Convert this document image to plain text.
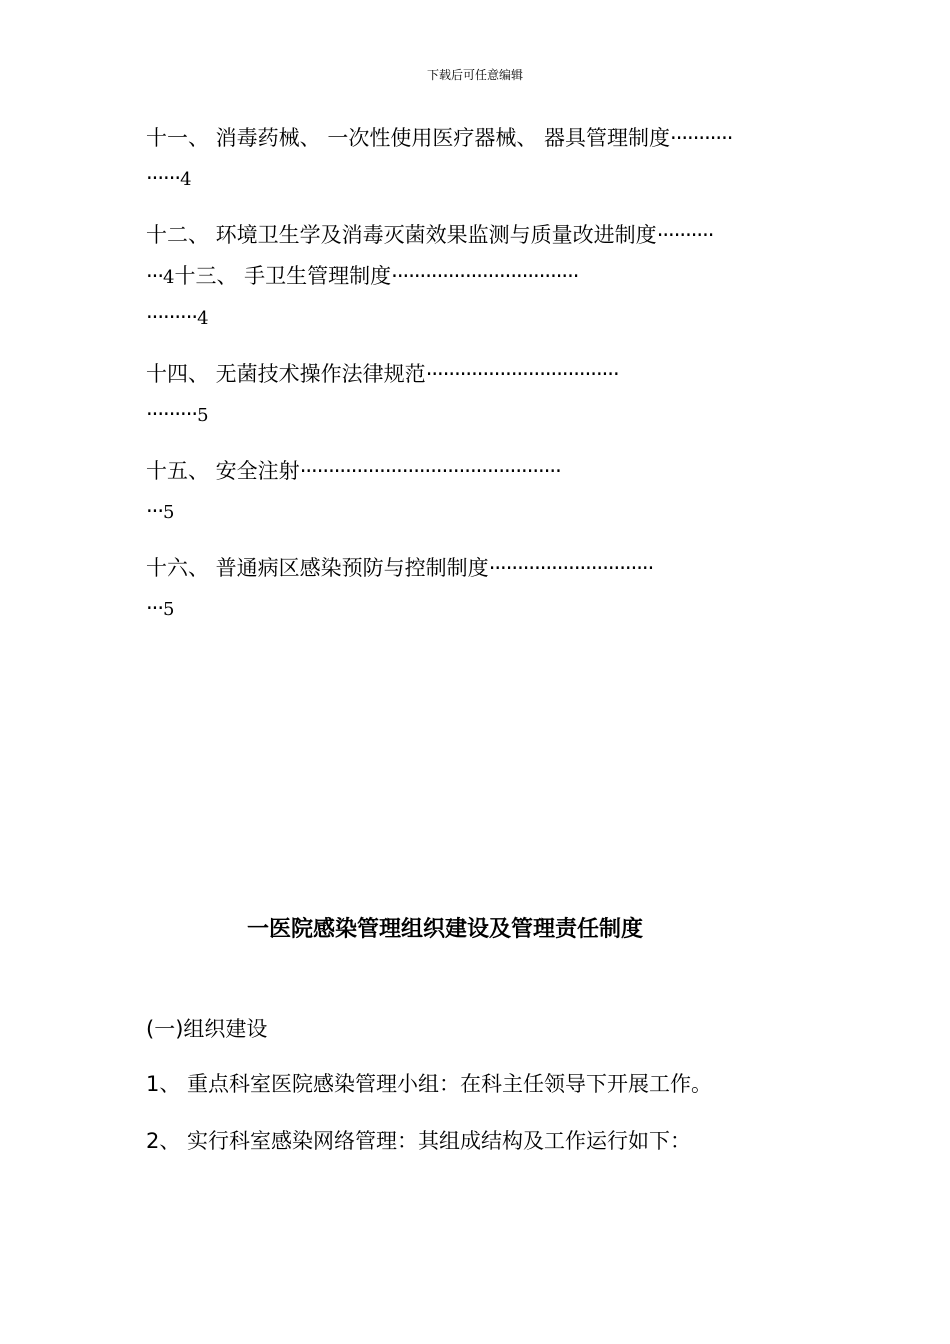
下载后可任意编辑
十一、 消毒药械、 一次性使用医疗器械、 器具管理制度···········
······4
十二、 环境卫生学及消毒灭菌效果监测与质量改进制度··········
···4十三、 手卫生管理制度·································
·········4
十四、 无菌技术操作法律规范··································
·········5
十五、 安全注射··············································
···5
十六、 普通病区感染预防与控制制度·····························
···5
一医院感染管理组织建设及管理责任制度
(一)组织建设
1、 重点科室医院感染管理小组：在科主任领导下开展工作。
2、 实行科室感染网络管理：其组成结构及工作运行如下：
